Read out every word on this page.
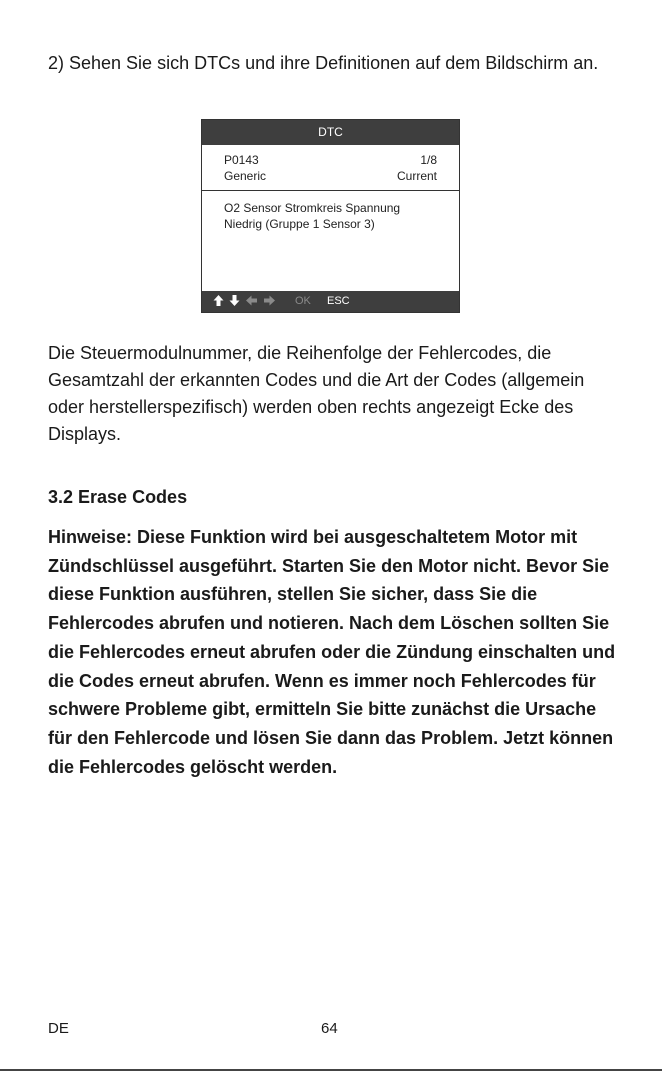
2) Sehen Sie sich DTCs und ihre Definitionen auf dem Bildschirm an.
DTC
P0143	1/8
Generic	Current
O2 Sensor Stromkreis Spannung Niedrig (Gruppe 1 Sensor 3)
OK ESC
Die Steuermodulnummer, die Reihenfolge der Fehlercodes, die Gesamtzahl der erkannten Codes und die Art der Codes (allgemein oder herstellerspezifisch) werden oben rechts angezeigt Ecke des Displays.
3.2 Erase Codes
Hinweise: Diese Funktion wird bei ausgeschaltetem Motor mit Zündschlüssel ausgeführt. Starten Sie den Motor nicht. Bevor Sie diese Funktion ausführen, stellen Sie sicher, dass Sie die Fehlercodes abrufen und notieren. Nach dem Löschen sollten Sie die Fehlercodes erneut abrufen oder die Zündung einschalten und die Codes erneut abrufen. Wenn es immer noch Fehlercodes für schwere Probleme gibt, ermitteln Sie bitte zunächst die Ursache für den Fehlercode und lösen Sie dann das Problem. Jetzt können die Fehlercodes gelöscht werden.
DE	64
